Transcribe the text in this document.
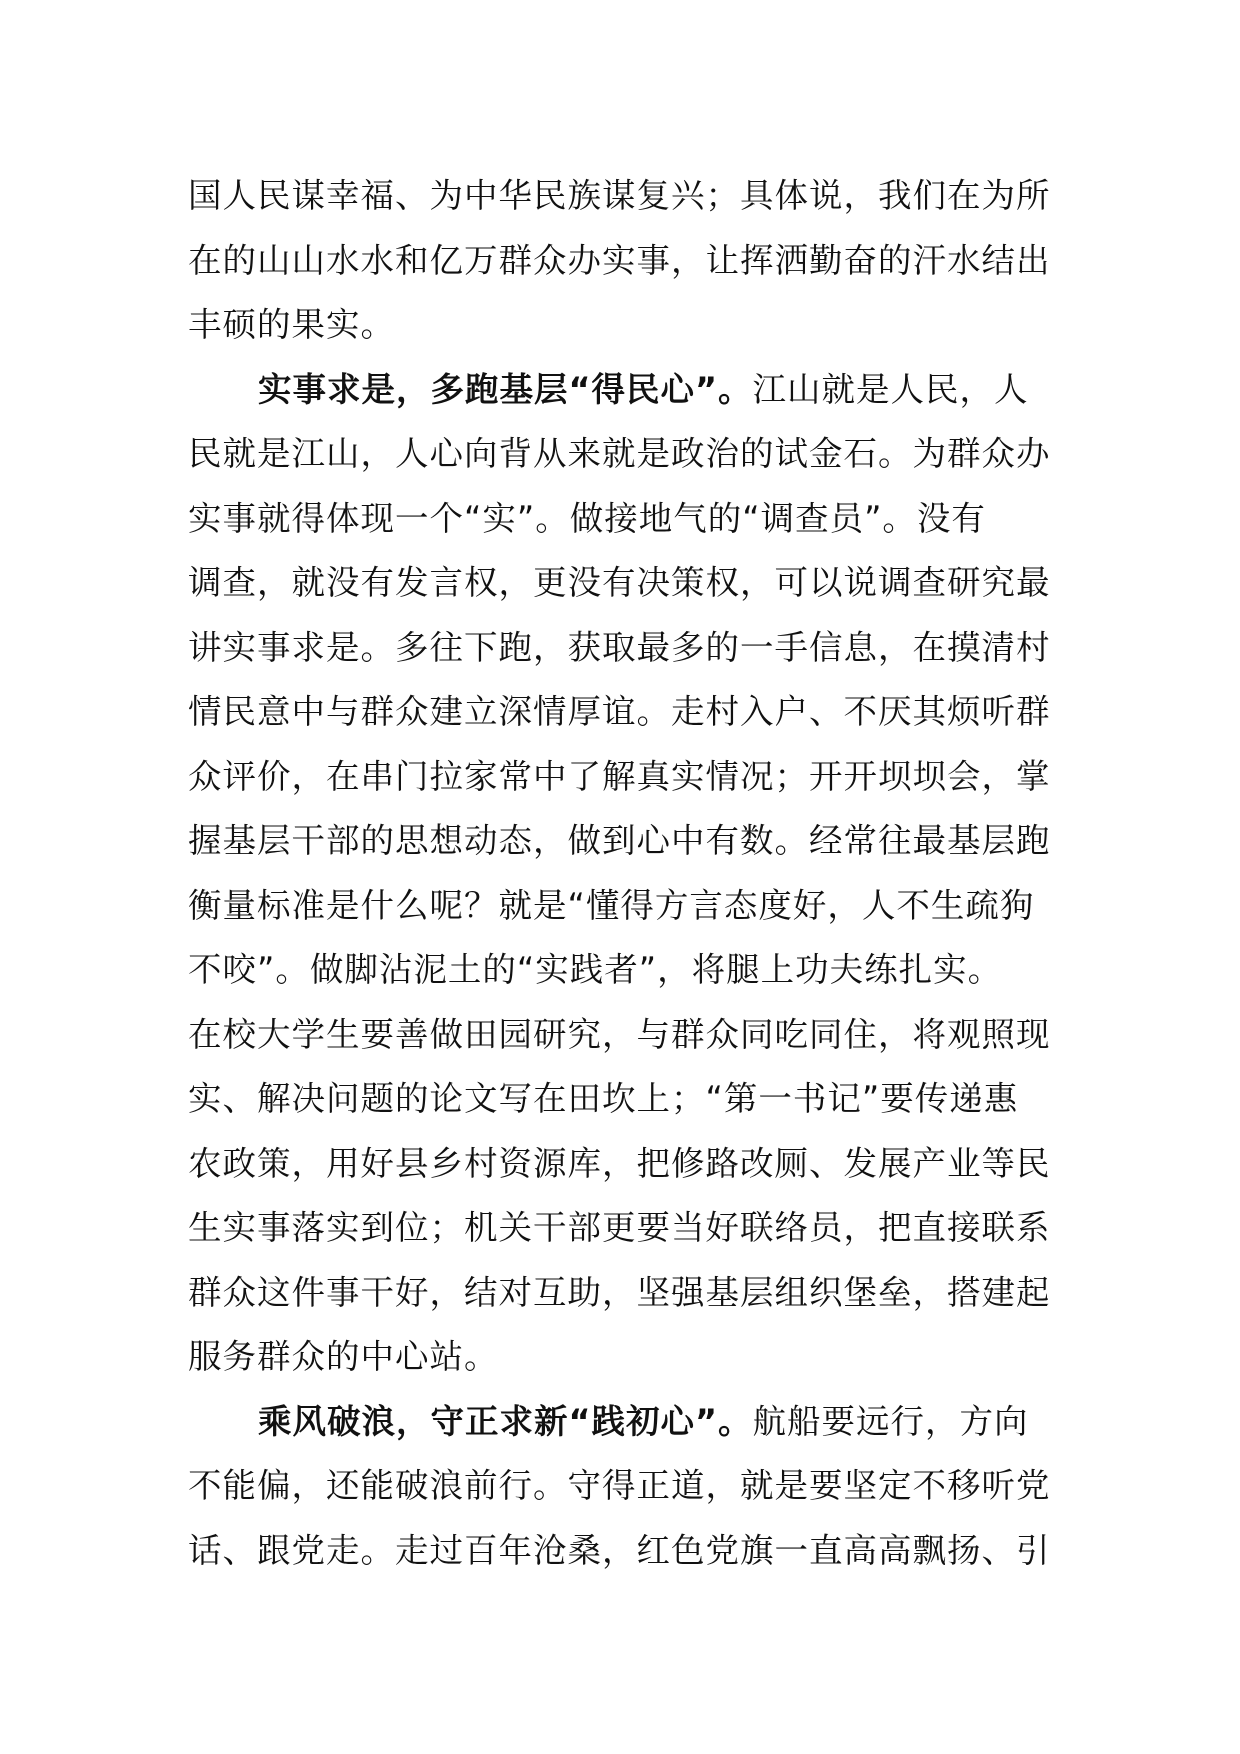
国人民谋幸福、为中华民族谋复兴；具体说，我们在为所
在的山山水水和亿万群众办实事，让挥洒勤奋的汗水结出
丰硕的果实。
实事求是，多跑基层“得民心”。江山就是人民，人
民就是江山，人心向背从来就是政治的试金石。为群众办
实事就得体现一个“实”。做接地气的“调查员”。没有
调查，就没有发言权，更没有决策权，可以说调查研究最
讲实事求是。多往下跑，获取最多的一手信息，在摸清村
情民意中与群众建立深情厚谊。走村入户、不厌其烦听群
众评价，在串门拉家常中了解真实情况；开开坝坝会，掌
握基层干部的思想动态，做到心中有数。经常往最基层跑
衡量标准是什么呢？就是“懂得方言态度好，人不生疏狗
不咬”。做脚沾泥土的“实践者”，将腿上功夫练扎实。
在校大学生要善做田园研究，与群众同吃同住，将观照现
实、解决问题的论文写在田坎上；“第一书记”要传递惠
农政策，用好县乡村资源库，把修路改厕、发展产业等民
生实事落实到位；机关干部更要当好联络员，把直接联系
群众这件事干好，结对互助，坚强基层组织堡垒，搭建起
服务群众的中心站。
乘风破浪，守正求新“践初心”。航船要远行，方向
不能偏，还能破浪前行。守得正道，就是要坚定不移听党
话、跟党走。走过百年沧桑，红色党旗一直高高飘扬、引
